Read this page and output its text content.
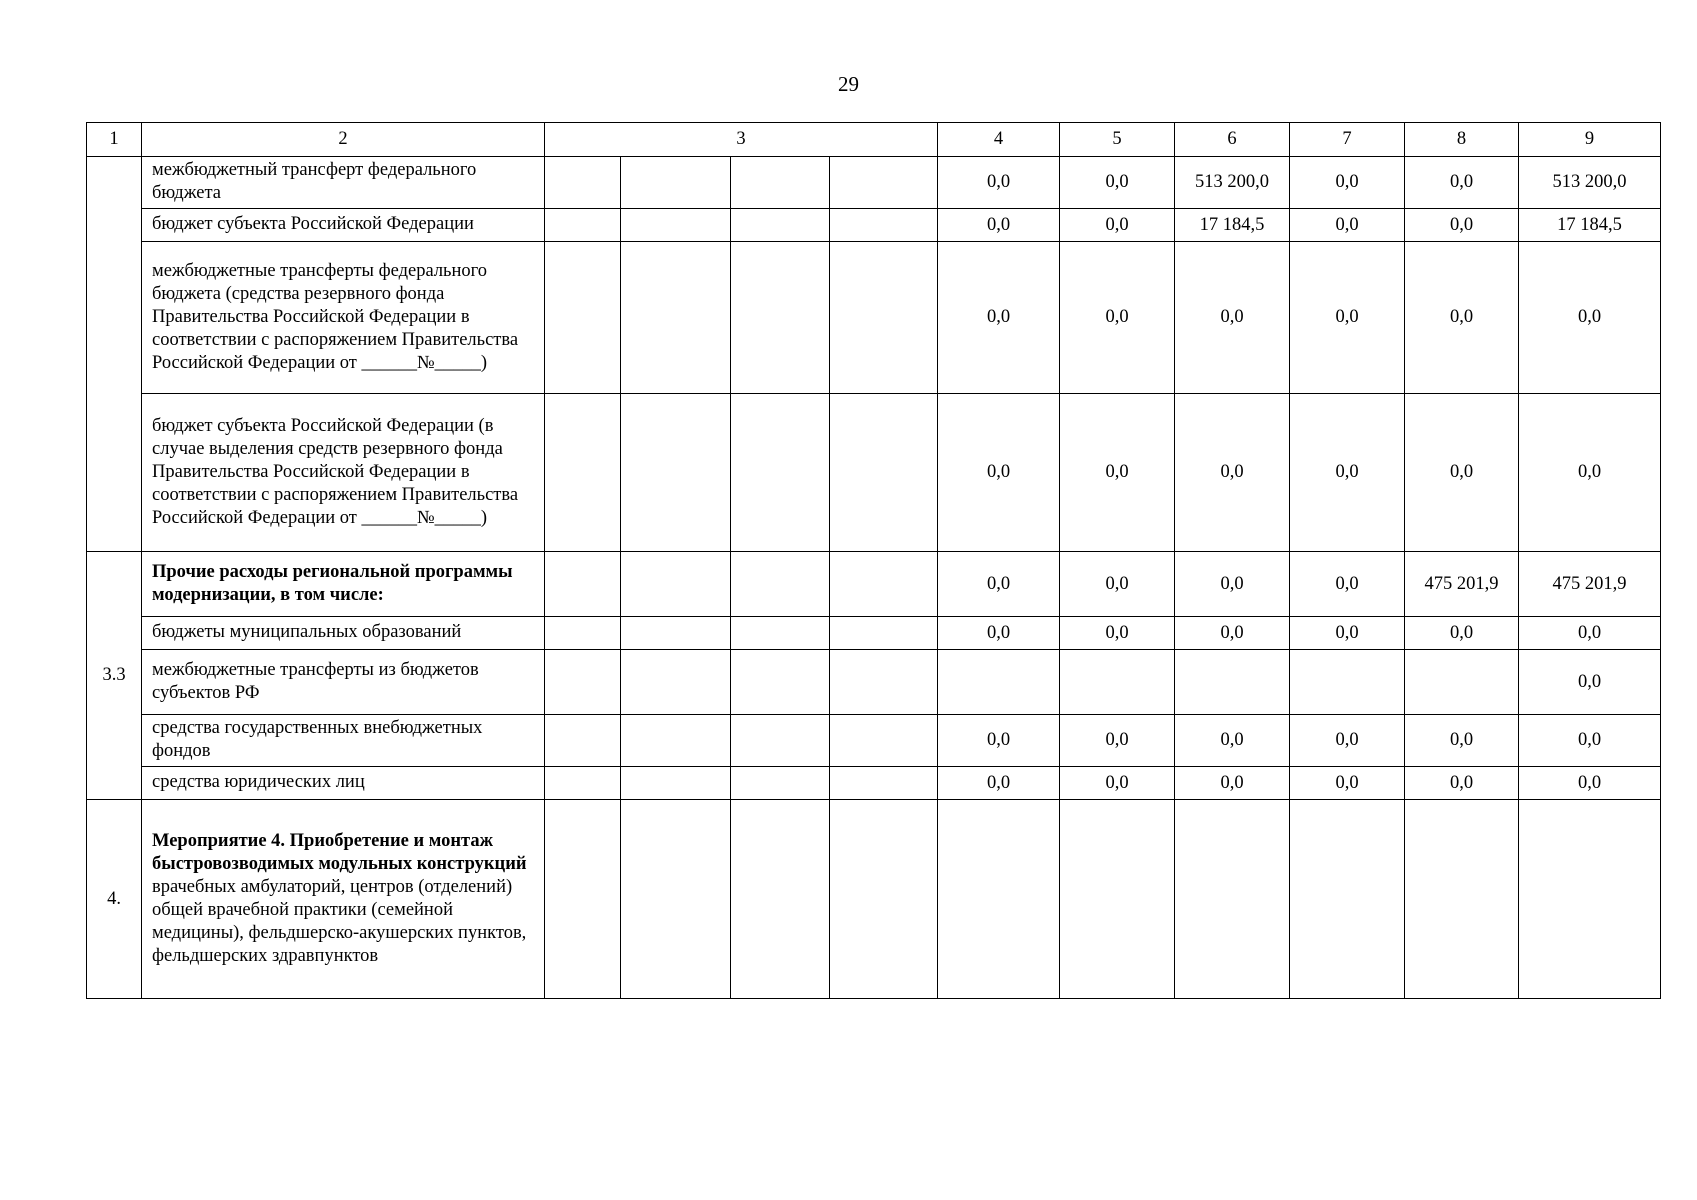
29
1	2	3				4	5	6	7	8	9
	межбюджетный трансферт федерального бюджета					0,0	0,0	513 200,0	0,0	0,0	513 200,0
	бюджет субъекта Российской Федерации					0,0	0,0	17 184,5	0,0	0,0	17 184,5
	межбюджетные трансферты федерального бюджета (средства резервного фонда Правительства Российской Федерации в соответствии с распоряжением Правительства Российской Федерации от ______№_____)					0,0	0,0	0,0	0,0	0,0	0,0
	бюджет субъекта Российской Федерации (в случае выделения средств резервного фонда Правительства Российской Федерации в соответствии с распоряжением Правительства Российской Федерации от ______№_____)					0,0	0,0	0,0	0,0	0,0	0,0
3.3	Прочие расходы региональной программы модернизации, в том числе:					0,0	0,0	0,0	0,0	475 201,9	475 201,9
	бюджеты муниципальных образований					0,0	0,0	0,0	0,0	0,0	0,0
	межбюджетные трансферты из бюджетов субъектов РФ										0,0
	средства государственных внебюджетных фондов					0,0	0,0	0,0	0,0	0,0	0,0
	средства юридических лиц					0,0	0,0	0,0	0,0	0,0	0,0
4.	Мероприятие 4. Приобретение и монтаж быстровозводимых модульных конструкций врачебных амбулаторий, центров (отделений) общей врачебной практики (семейной медицины), фельдшерско-акушерских пунктов, фельдшерских здравпунктов										
